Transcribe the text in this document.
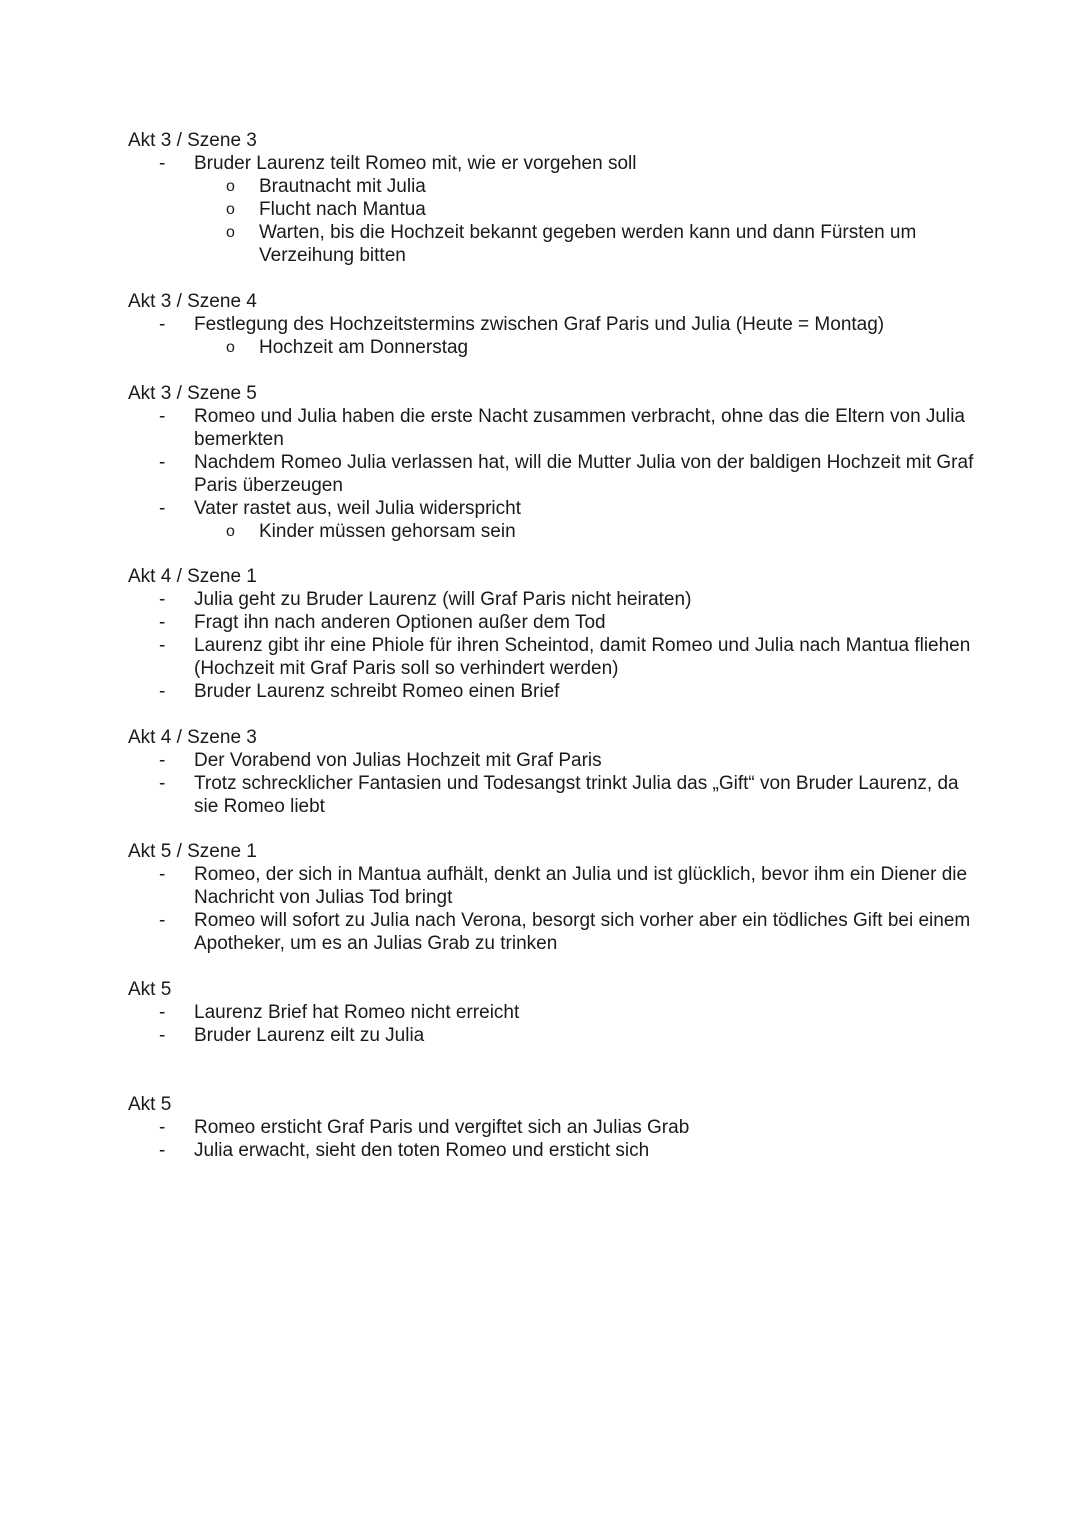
Akt 3 / Szene 3

- Bruder Laurenz teilt Romeo mit, wie er vorgehen soll
o Brautnacht mit Julia
o Flucht nach Mantua
o Warten, bis die Hochzeit bekannt gegeben werden kann und dann Fürsten um Verzeihung bitten

Akt 3 / Szene 4

- Festlegung des Hochzeitstermins zwischen Graf Paris und Julia (Heute = Montag)
o Hochzeit am Donnerstag

Akt 3 / Szene 5

- Romeo und Julia haben die erste Nacht zusammen verbracht, ohne das die Eltern von Julia bemerkten
- Nachdem Romeo Julia verlassen hat, will die Mutter Julia von der baldigen Hochzeit mit Graf Paris überzeugen
- Vater rastet aus, weil Julia widerspricht
o Kinder müssen gehorsam sein

Akt 4 / Szene 1

- Julia geht zu Bruder Laurenz (will Graf Paris nicht heiraten)
- Fragt ihn nach anderen Optionen außer dem Tod
- Laurenz gibt ihr eine Phiole für ihren Scheintod, damit Romeo und Julia nach Mantua fliehen (Hochzeit mit Graf Paris soll so verhindert werden)
- Bruder Laurenz schreibt Romeo einen Brief

Akt 4 / Szene 3

- Der Vorabend von Julias Hochzeit mit Graf Paris
- Trotz schrecklicher Fantasien und Todesangst trinkt Julia das „Gift“ von Bruder Laurenz, da sie Romeo liebt

Akt 5 / Szene 1

- Romeo, der sich in Mantua aufhält, denkt an Julia und ist glücklich, bevor ihm ein Diener die Nachricht von Julias Tod bringt
- Romeo will sofort zu Julia nach Verona, besorgt sich vorher aber ein tödliches Gift bei einem Apotheker, um es an Julias Grab zu trinken

Akt 5

- Laurenz Brief hat Romeo nicht erreicht
- Bruder Laurenz eilt zu Julia

Akt 5

- Romeo ersticht Graf Paris und vergiftet sich an Julias Grab
- Julia erwacht, sieht den toten Romeo und ersticht sich
